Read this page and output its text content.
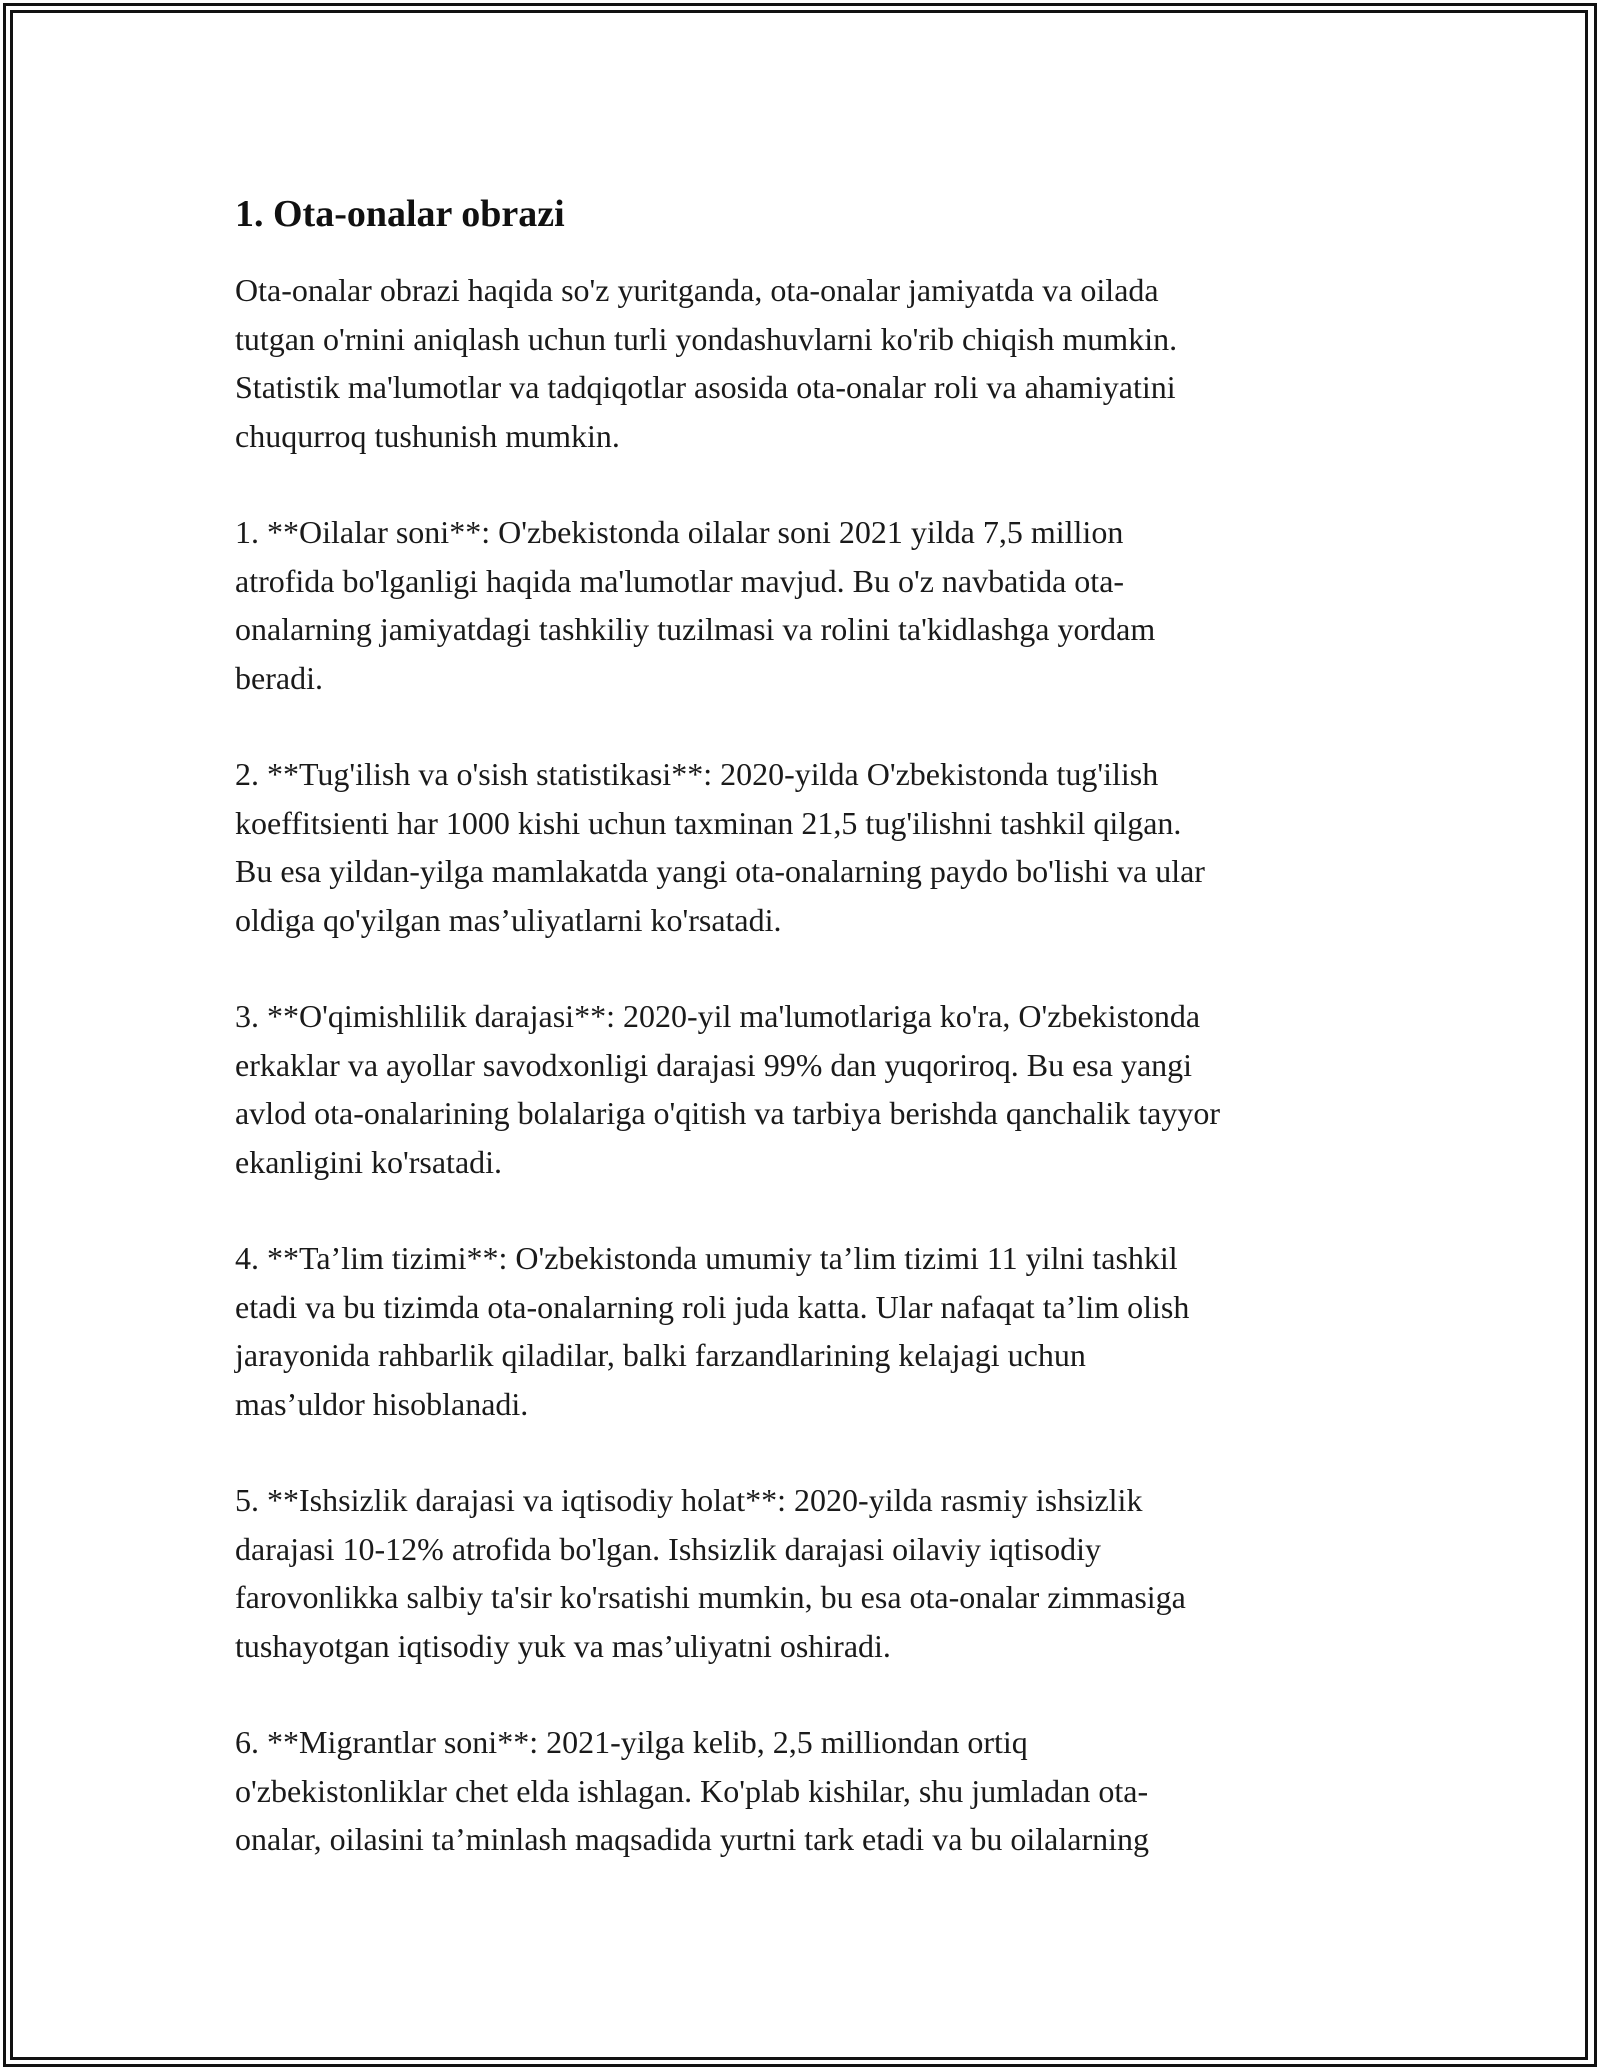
1. Ota-onalar obrazi

Ota-onalar obrazi haqida so'z yuritganda, ota-onalar jamiyatda va oilada
tutgan o'rnini aniqlash uchun turli yondashuvlarni ko'rib chiqish mumkin.
Statistik ma'lumotlar va tadqiqotlar asosida ota-onalar roli va ahamiyatini
chuqurroq tushunish mumkin.

1. **Oilalar soni**: O'zbekistonda oilalar soni 2021 yilda 7,5 million
atrofida bo'lganligi haqida ma'lumotlar mavjud. Bu o'z navbatida ota-
onalarning jamiyatdagi tashkiliy tuzilmasi va rolini ta'kidlashga yordam
beradi.

2. **Tug'ilish va o'sish statistikasi**: 2020-yilda O'zbekistonda tug'ilish
koeffitsienti har 1000 kishi uchun taxminan 21,5 tug'ilishni tashkil qilgan.
Bu esa yildan-yilga mamlakatda yangi ota-onalarning paydo bo'lishi va ular
oldiga qo'yilgan mas’uliyatlarni ko'rsatadi.

3. **O'qimishlilik darajasi**: 2020-yil ma'lumotlariga ko'ra, O'zbekistonda
erkaklar va ayollar savodxonligi darajasi 99% dan yuqoriroq. Bu esa yangi
avlod ota-onalarining bolalariga o'qitish va tarbiya berishda qanchalik tayyor
ekanligini ko'rsatadi.

4. **Ta’lim tizimi**: O'zbekistonda umumiy ta’lim tizimi 11 yilni tashkil
etadi va bu tizimda ota-onalarning roli juda katta. Ular nafaqat ta’lim olish
jarayonida rahbarlik qiladilar, balki farzandlarining kelajagi uchun
mas’uldor hisoblanadi.

5. **Ishsizlik darajasi va iqtisodiy holat**: 2020-yilda rasmiy ishsizlik
darajasi 10-12% atrofida bo'lgan. Ishsizlik darajasi oilaviy iqtisodiy
farovonlikka salbiy ta'sir ko'rsatishi mumkin, bu esa ota-onalar zimmasiga
tushayotgan iqtisodiy yuk va mas’uliyatni oshiradi.

6. **Migrantlar soni**: 2021-yilga kelib, 2,5 milliondan ortiq
o'zbekistonliklar chet elda ishlagan. Ko'plab kishilar, shu jumladan ota-
onalar, oilasini ta’minlash maqsadida yurtni tark etadi va bu oilalarning
